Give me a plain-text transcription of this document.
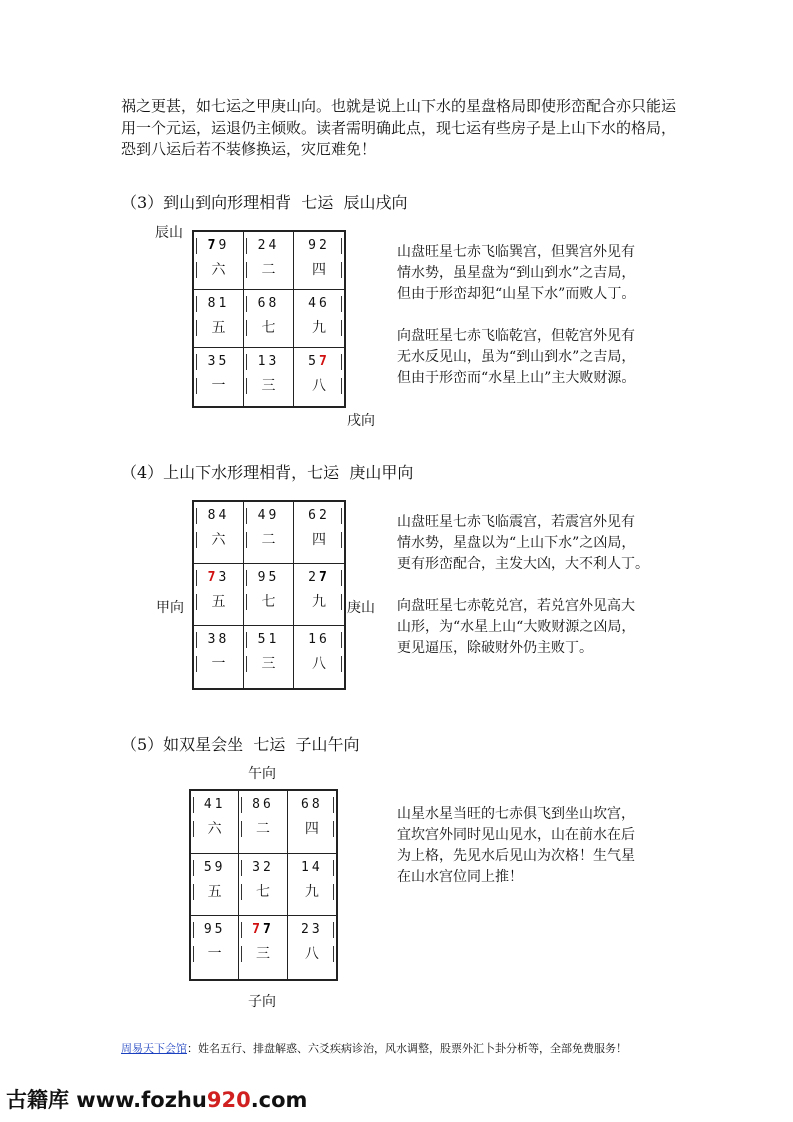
祸之更甚，如七运之甲庚山向。也就是说上山下水的星盘格局即使形峦配合亦只能运用一个元运，运退仍主倾败。读者需明确此点，现七运有些房子是上山下水的格局，恐到八运后若不装修换运，灾厄难免！
（3）到山到向形理相背  七运  辰山戌向
辰山
79
六
24
二
92
四
81
五
68
七
46
九
35
一
13
三
57
八
戌向
山盘旺星七赤飞临巽宫，但巽宫外见有
情水势，虽星盘为“到山到水”之吉局，
但由于形峦却犯“山星下水”而败人丁。
向盘旺星七赤飞临乾宫，但乾宫外见有
无水反见山，虽为“到山到水”之吉局，
但由于形峦而“水星上山”主大败财源。
（4）上山下水形理相背，七运  庚山甲向
84
六
49
二
62
四
73
五
95
七
27
九
38
一
51
三
16
八
甲向	庚山
山盘旺星七赤飞临震宫，若震宫外见有
情水势，星盘以为“上山下水”之凶局，
更有形峦配合，主发大凶，大不利人丁。
向盘旺星七赤乾兑宫，若兑宫外见高大
山形，为“水星上山“大败财源之凶局，
更见逼压，除破财外仍主败丁。
（5）如双星会坐  七运  子山午向
午向
41
六
86
二
68
四
59
五
32
七
14
九
95
一
77
三
23
八
子向
山星水星当旺的七赤俱飞到坐山坎宫，
宜坎宫外同时见山见水，山在前水在后
为上格，先见水后见山为次格！生气星
在山水宫位同上推！
周易天下会馆：姓名五行、排盘解惑、六爻疾病诊治，风水调整，股票外汇卜卦分析等，全部免费服务！
古籍库 www.fozhu920.com
